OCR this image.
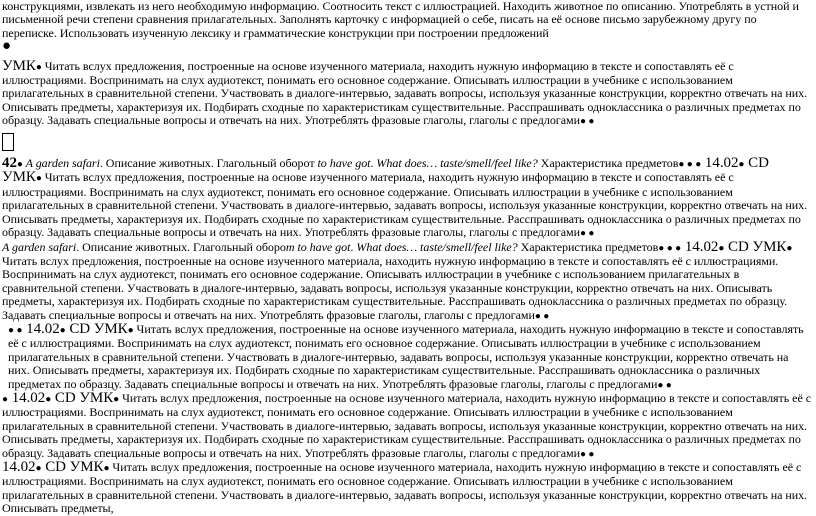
конструкциями, извлекать из него необходимую информацию. Соотносить текст с иллюстрацией. Находить животное по описанию. Употреблять в устной и письменной речи степени сравнения прилагательных. Заполнять карточку с информацией о себе, писать на её основе письмо зарубежному другу по переписке. Использовать изученную лексику и грамматические конструкции при построении предложений
●

УМК● Читать вслух предложения, построенные на основе изученного материала, находить нужную информацию в тексте и сопоставлять её с иллюстрациями. Воспринимать на слух аудиотекст, понимать его основное содержание. Описывать иллюстрации в учебнике с использованием прилагательных в сравнительной степени. Участвовать в диалоге-интервью, задавать вопросы, используя указанные конструкции, корректно отвечать на них. Описывать предметы, характеризуя их. Подбирать сходные по характеристикам существительные. Расспрашивать одноклассника о различных предметах по образцу. Задавать специальные вопросы и отвечать на них. Употреблять фразовые глаголы, глаголы с предлогами● ●

42● A garden safari. Описание животных. Глагольный оборот to have got. What does… taste/smell/feel like? Характеристика предметов● ● ● 14.02● CD УМК● Читать вслух предложения, построенные на основе изученного материала, находить нужную информацию в тексте и сопоставлять её с иллюстрациями. Воспринимать на слух аудиотекст, понимать его основное содержание. Описывать иллюстрации в учебнике с использованием прилагательных в сравнительной степени. Участвовать в диалоге-интервью, задавать вопросы, используя указанные конструкции, корректно отвечать на них. Описывать предметы, характеризуя их. Подбирать сходные по характеристикам существительные. Расспрашивать одноклассника о различных предметах по образцу. Задавать специальные вопросы и отвечать на них. Употреблять фразовые глаголы, глаголы с предлогами● ●

A garden safari. Описание животных. Глагольный оборот to have got. What does… taste/smell/feel like? Характеристика предметов● ● ● 14.02● CD УМК● Читать вслух предложения, построенные на основе изученного материала, находить нужную информацию в тексте и сопоставлять её с иллюстрациями. Воспринимать на слух аудиотекст, понимать его основное содержание. Описывать иллюстрации в учебнике с использованием прилагательных в сравнительной степени. Участвовать в диалоге-интервью, задавать вопросы, используя указанные конструкции, корректно отвечать на них. Описывать предметы, характеризуя их. Подбирать сходные по характеристикам существительные. Расспрашивать одноклассника о различных предметах по образцу. Задавать специальные вопросы и отвечать на них. Употреблять фразовые глаголы, глаголы с предлогами● ●

● ● 14.02● CD УМК● Читать вслух предложения, построенные на основе изученного материала, находить нужную информацию в тексте и сопоставлять её с иллюстрациями. Воспринимать на слух аудиотекст, понимать его основное содержание. Описывать иллюстрации в учебнике с использованием прилагательных в сравнительной степени. Участвовать в диалоге-интервью, задавать вопросы, используя указанные конструкции, корректно отвечать на них. Описывать предметы, характеризуя их. Подбирать сходные по характеристикам существительные. Расспрашивать одноклассника о различных предметах по образцу. Задавать специальные вопросы и отвечать на них. Употреблять фразовые глаголы, глаголы с предлогами● ●

● 14.02● CD УМК● Читать вслух предложения, построенные на основе изученного материала, находить нужную информацию в тексте и сопоставлять её с иллюстрациями. Воспринимать на слух аудиотекст, понимать его основное содержание. Описывать иллюстрации в учебнике с использованием прилагательных в сравнительной степени. Участвовать в диалоге-интервью, задавать вопросы, используя указанные конструкции, корректно отвечать на них. Описывать предметы, характеризуя их. Подбирать сходные по характеристикам существительные. Расспрашивать одноклассника о различных предметах по образцу. Задавать специальные вопросы и отвечать на них. Употреблять фразовые глаголы, глаголы с предлогами● ●

14.02● CD УМК● Читать вслух предложения, построенные на основе изученного материала, находить нужную информацию в тексте и сопоставлять её с иллюстрациями. Воспринимать на слух аудиотекст, понимать его основное содержание. Описывать иллюстрации в учебнике с использованием прилагательных в сравнительной степени. Участвовать в диалоге-интервью, задавать вопросы, используя указанные конструкции, корректно отвечать на них. Описывать предметы,
